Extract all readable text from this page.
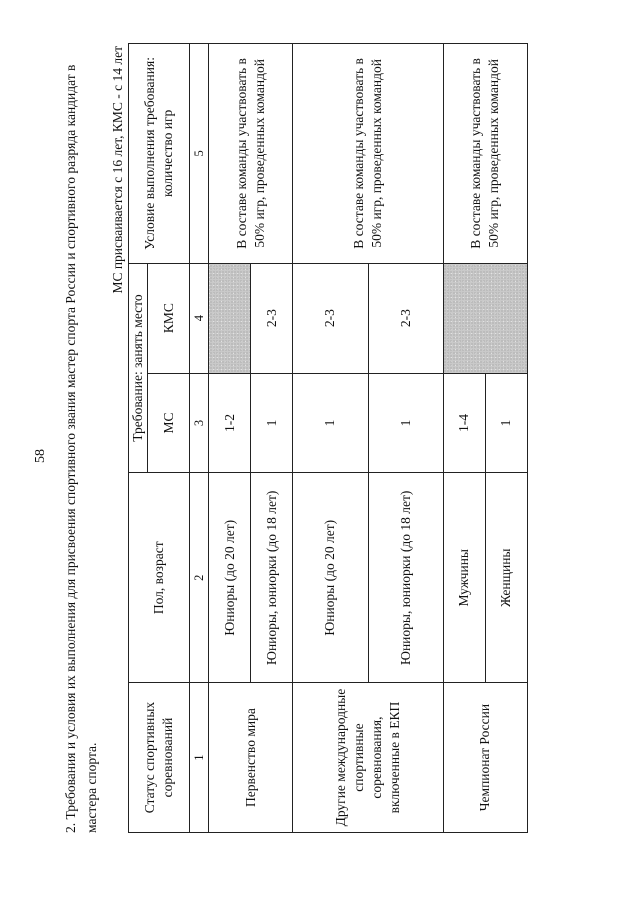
58 2. Требования и условия их выполнения для присвоения спортивного звания мастер спорта России и спортивного разряда кандидат в мастера спорта.
МС присваивается с 16 лет, КМС - с 14 лет
Статус спортивных соревнований	Пол, возраст	Требование: занять место		Условие выполнения требования: количество игр
		МС	КМС	
1	2	3	4	5
Первенство мира	Юниоры (до 20 лет)	1-2		В составе команды участвовать в 50% игр, проведенных командой
	Юниоры, юниорки (до 18 лет)	1	2-3	
Другие международные спортивные соревнования, включенные в ЕКП	Юниоры (до 20 лет)	1	2-3	В составе команды участвовать в 50% игр, проведенных командой
	Юниоры, юниорки (до 18 лет)	1	2-3	
Чемпионат России	Мужчины	1-4		В составе команды участвовать в 50% игр, проведенных командой
	Женщины	1		
